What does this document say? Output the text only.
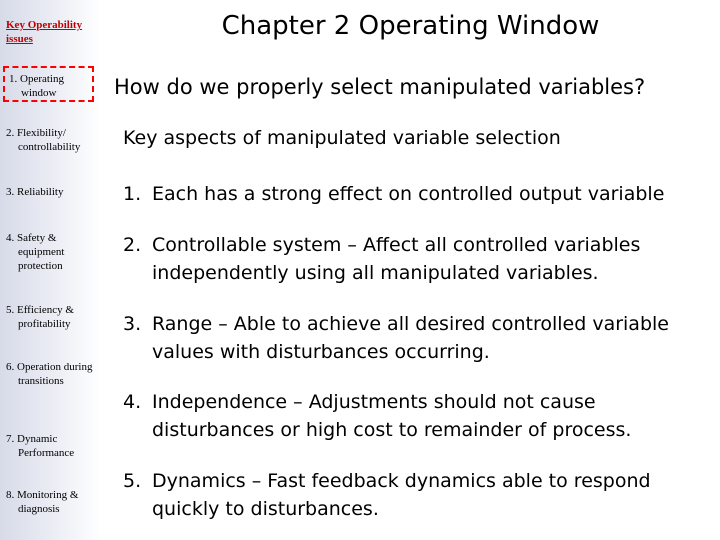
Key Operability issues
1. Operating window
2. Flexibility/ controllability
3. Reliability
4. Safety & equipment protection
5. Efficiency & profitability
6. Operation during transitions
7. Dynamic Performance
8. Monitoring & diagnosis
Chapter 2 Operating Window
How do we properly select manipulated variables?
Key aspects of manipulated variable selection
1. Each has a strong effect on controlled output variable
2. Controllable system – Affect all controlled variables independently using all manipulated variables.
3. Range – Able to achieve all desired controlled variable values with disturbances occurring.
4. Independence – Adjustments should not cause disturbances or high cost to remainder of process.
5. Dynamics – Fast feedback dynamics able to respond quickly to disturbances.
